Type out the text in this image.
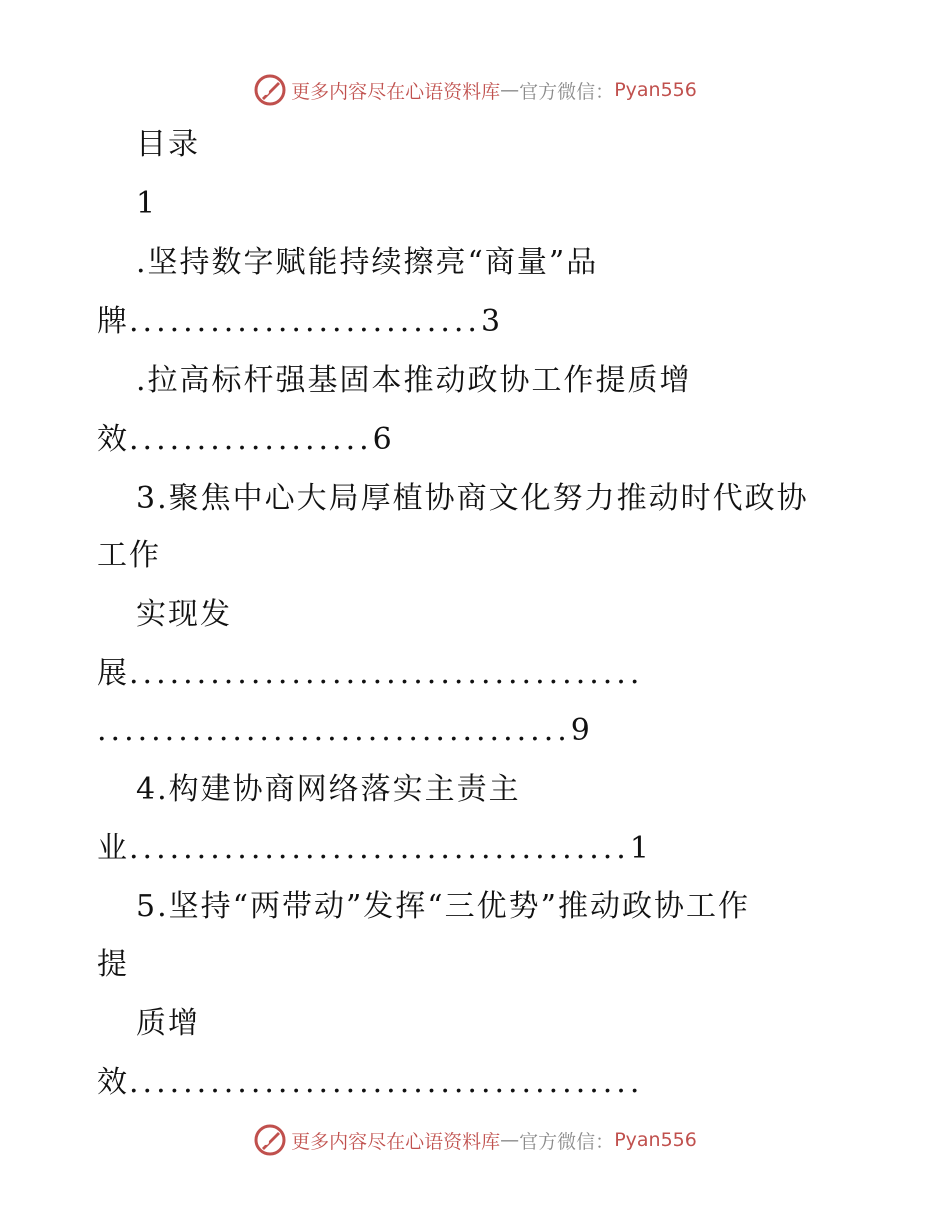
更多内容尽在心语资料库 — 官方微信： Pyan556
目录
1
.坚持数字赋能持续擦亮“商量”品
牌..........................3
.拉高标杆强基固本推动政协工作提质增
效..................6
3.聚焦中心大局厚植协商文化努力推动时代政协
工作
实现发
展......................................
...................................9
4.构建协商网络落实主责主
业.....................................1
5.坚持“两带动”发挥“三优势”推动政协工作
提
质增
效......................................
更多内容尽在心语资料库 — 官方微信： Pyan556
